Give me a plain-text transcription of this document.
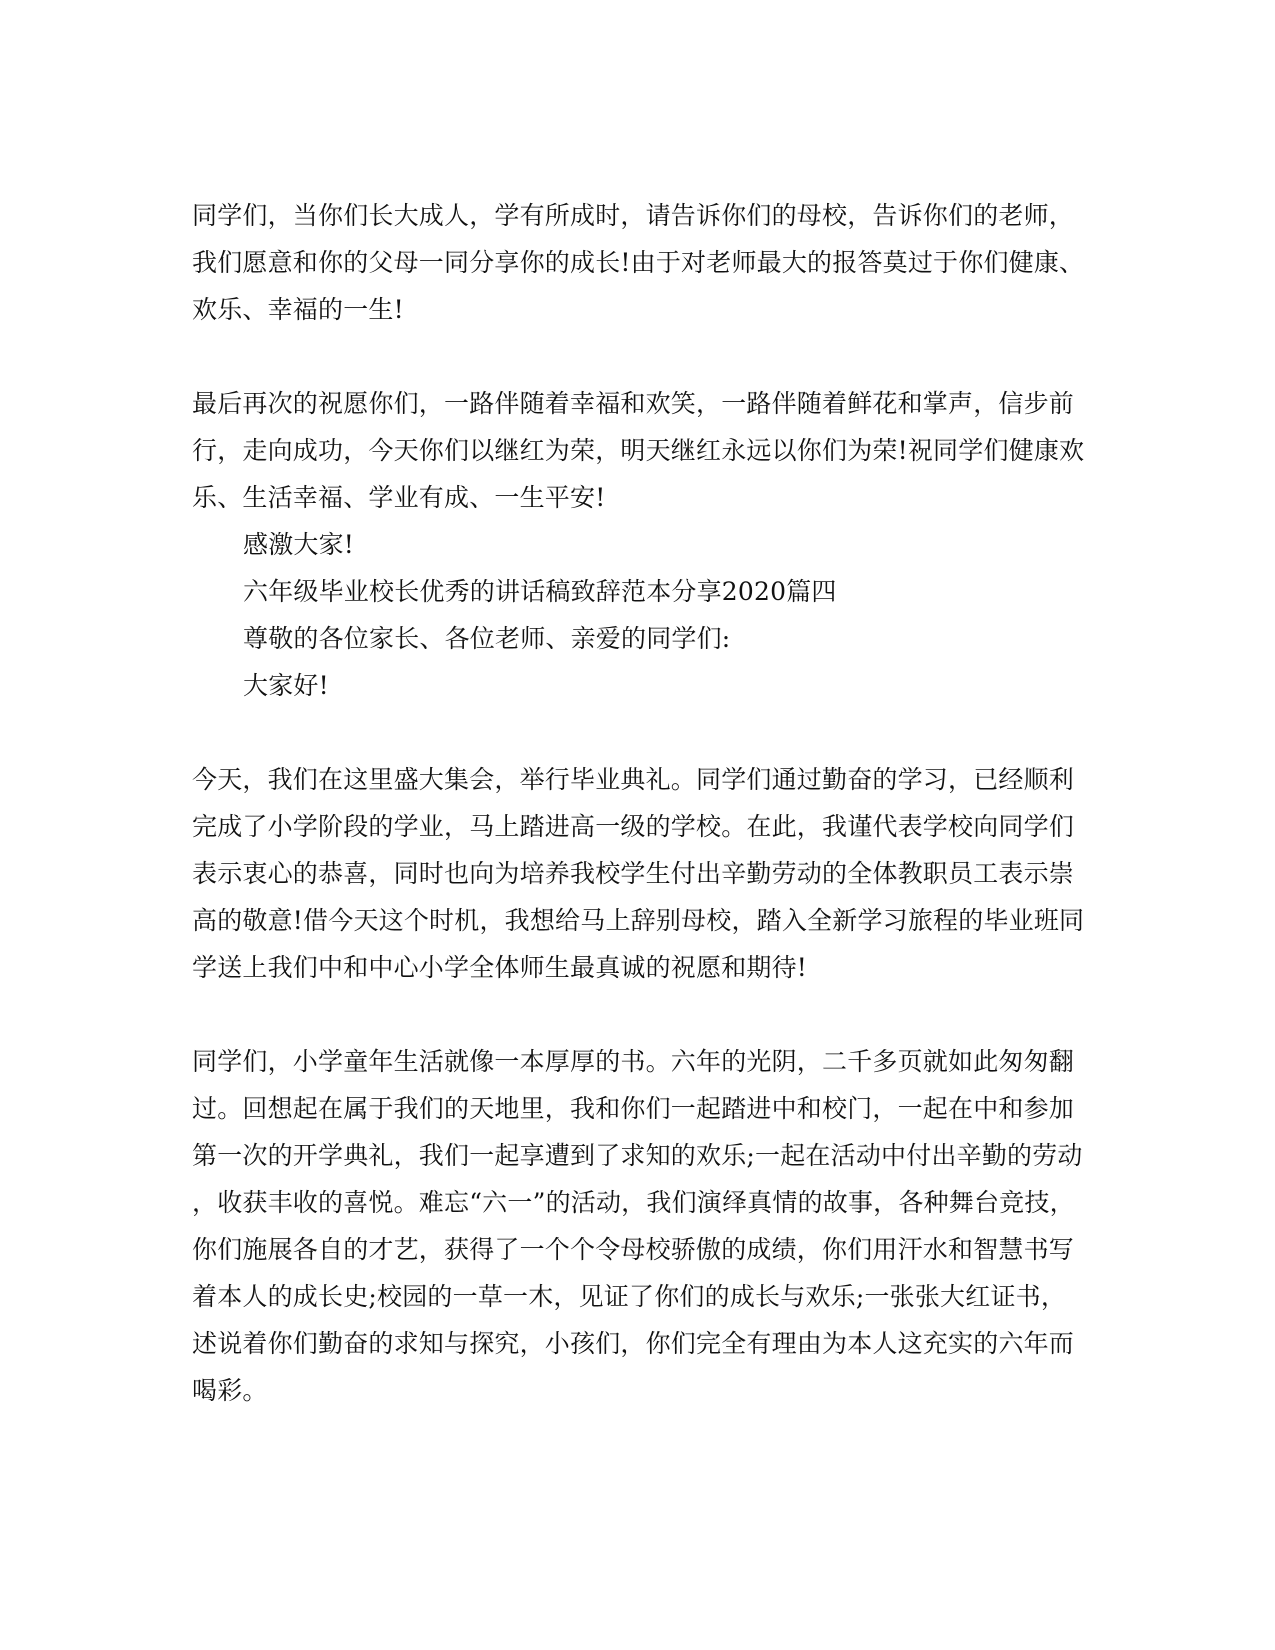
同学们，当你们长大成人，学有所成时，请告诉你们的母校，告诉你们的老师，
我们愿意和你的父母一同分享你的成长!由于对老师最大的报答莫过于你们健康、
欢乐、幸福的一生!
最后再次的祝愿你们，一路伴随着幸福和欢笑，一路伴随着鲜花和掌声，信步前
行，走向成功，今天你们以继红为荣，明天继红永远以你们为荣!祝同学们健康欢
乐、生活幸福、学业有成、一生平安!
感激大家!
六年级毕业校长优秀的讲话稿致辞范本分享2020篇四
尊敬的各位家长、各位老师、亲爱的同学们:
大家好!
今天，我们在这里盛大集会，举行毕业典礼。同学们通过勤奋的学习，已经顺利
完成了小学阶段的学业，马上踏进高一级的学校。在此，我谨代表学校向同学们
表示衷心的恭喜，同时也向为培养我校学生付出辛勤劳动的全体教职员工表示崇
高的敬意!借今天这个时机，我想给马上辞别母校，踏入全新学习旅程的毕业班同
学送上我们中和中心小学全体师生最真诚的祝愿和期待!
同学们，小学童年生活就像一本厚厚的书。六年的光阴，二千多页就如此匆匆翻
过。回想起在属于我们的天地里，我和你们一起踏进中和校门，一起在中和参加
第一次的开学典礼，我们一起享遭到了求知的欢乐;一起在活动中付出辛勤的劳动
，收获丰收的喜悦。难忘“六一”的活动，我们演绎真情的故事，各种舞台竞技，
你们施展各自的才艺，获得了一个个令母校骄傲的成绩，你们用汗水和智慧书写
着本人的成长史;校园的一草一木，见证了你们的成长与欢乐;一张张大红证书，
述说着你们勤奋的求知与探究，小孩们，你们完全有理由为本人这充实的六年而
喝彩。
